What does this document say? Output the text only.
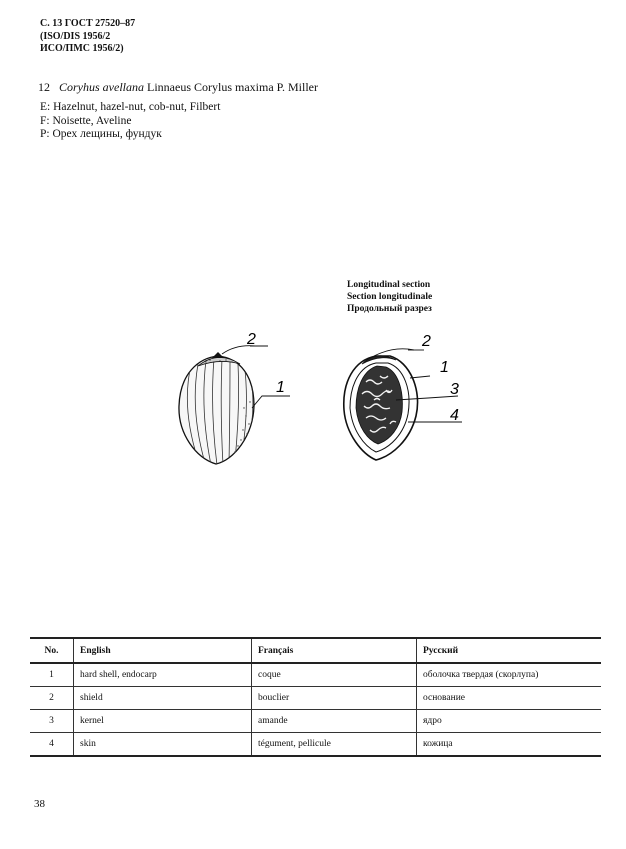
С. 13 ГОСТ 27520–87
(ISO/DIS 1956/2
ИСО/ПМС 1956/2)
12 Coryhus avellana Linnaeus Corylus maxima P. Miller
E: Hazelnut, hazel-nut, cob-nut, Filbert
F: Noisette, Aveline
P: Орех лещины, фундук
Longitudinal section
Section longitudinale
Продольный разрез
2
1
2
1
3
4
No.	English	Français	Русский
1	hard shell, endocarp	coque	оболочка твердая (скорлупа)
2	shield	bouclier	основание
3	kernel	amande	ядро
4	skin	tégument, pellicule	кожица
38
